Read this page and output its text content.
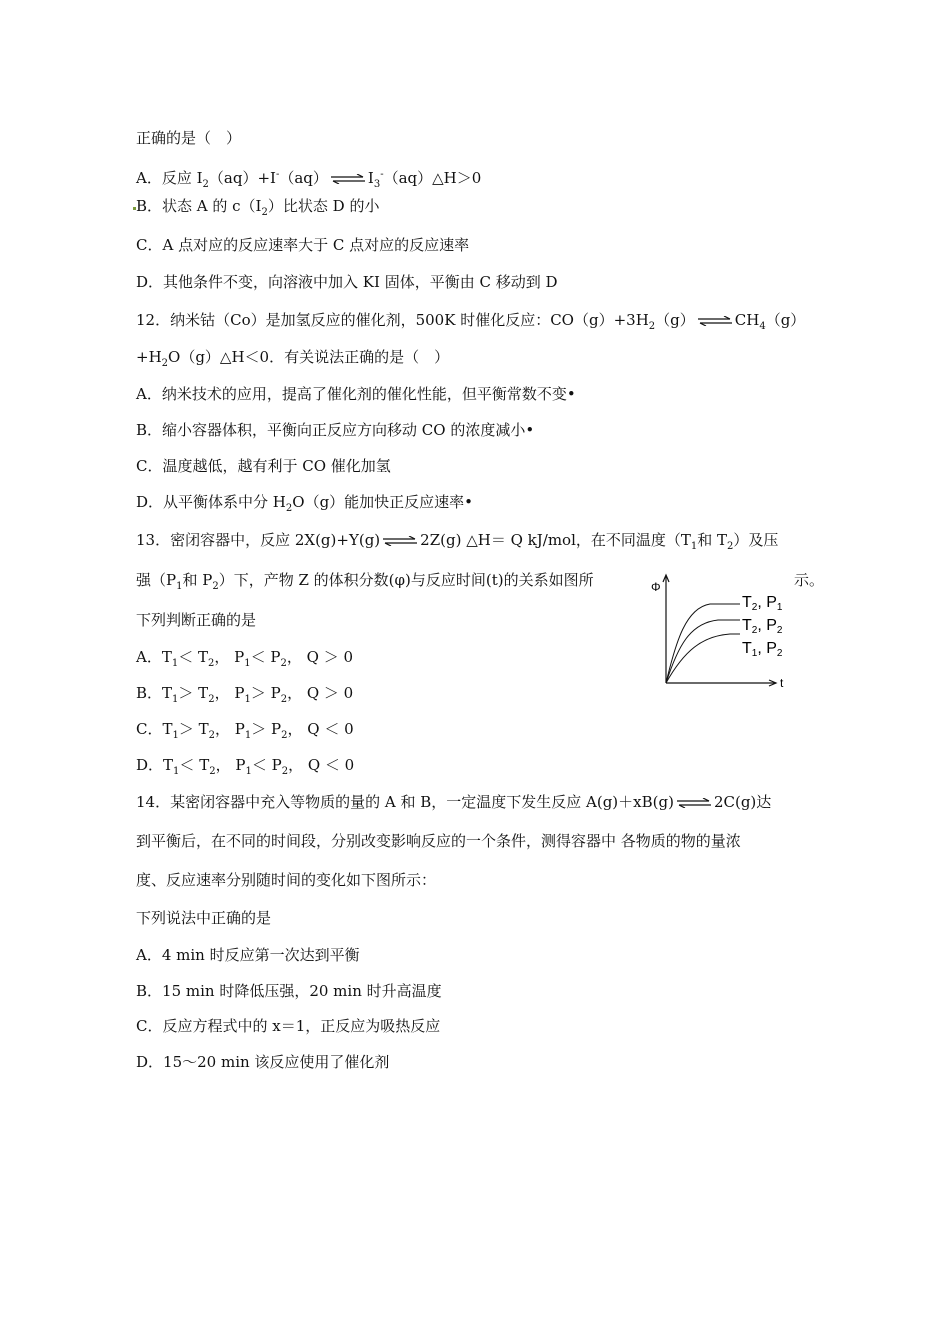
正确的是（　）
A．反应 $I_2(aq)+I^-(aq)$ ⇌ $I_3^-(aq)\triangle H>0$
B．状态 A 的 $c(I_2)$比状态 D 的小
C．A 点对应的反应速率大于 C 点对应的反应速率
D．其他条件不变，向溶液中加入 KI 固体，平衡由 C 移动到 D
12．纳米钴（Co）是加氢反应的催化剂，500K 时催化反应：$CO(g)+3H_2(g)$ ⇌ $CH_4(g)$
$+H_2O(g)\triangle H<0$．有关说法正确的是（　）
A．纳米技术的应用，提高了催化剂的催化性能，但平衡常数不变•
B．缩小容器体积，平衡向正反应方向移动 CO 的浓度减小•
C．温度越低，越有利于 CO 催化加氢
D．从平衡体系中分 $H_2O(g)$能加快正反应速率•
13．密闭容器中，反应 2X(g)+Y(g) ⇌ 2Z(g) △H＝ Q kJ/mol，在不同温度（$T_1$和 $T_2$）及压
强（$P_1$和 $P_2$）下，产物 Z 的体积分数(φ)与反应时间(t)的关系如图所	示。
下列判断正确的是
A．$T_1< T_2$， $P_1< P_2$， Q ＞ 0
B．$T_1> T_2$， $P_1> P_2$， Q ＞ 0
C．$T_1> T_2$， $P_1> P_2$， Q ＜ 0
D．$T_1< T_2$， $P_1< P_2$， Q ＜ 0
Φ
t
T2, P1
T2, P2
T1, P2
14．某密闭容器中充入等物质的量的 A 和 B，一定温度下发生反应 A(g)＋xB(g) ⇌ 2C(g)达
到平衡后，在不同的时间段，分别改变影响反应的一个条件，测得容器中 各物质的物的量浓
度、反应速率分别随时间的变化如下图所示：
下列说法中正确的是
A．4 min 时反应第一次达到平衡
B．15 min 时降低压强，20 min 时升高温度
C．反应方程式中的 x＝1，正反应为吸热反应
D．15～20 min 该反应使用了催化剂
